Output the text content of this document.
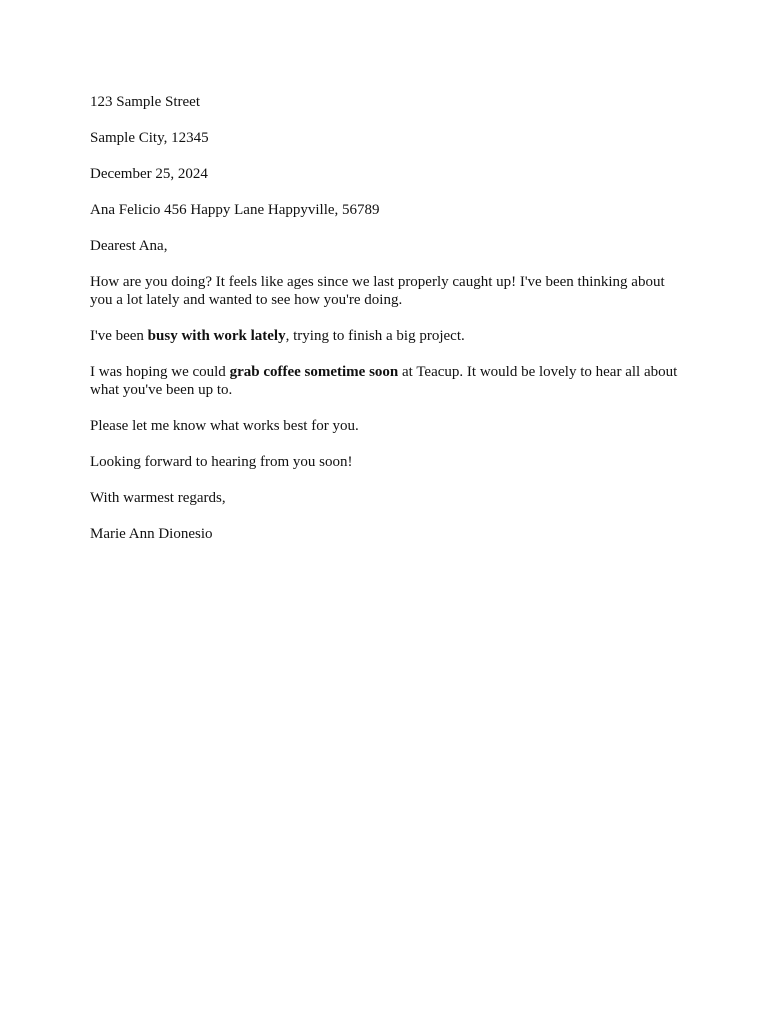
123 Sample Street

Sample City, 12345

December 25, 2024

Ana Felicio 456 Happy Lane Happyville, 56789

Dearest Ana,

How are you doing? It feels like ages since we last properly caught up! I've been thinking about you a lot lately and wanted to see how you're doing.

I've been busy with work lately, trying to finish a big project.

I was hoping we could grab coffee sometime soon at Teacup. It would be lovely to hear all about what you've been up to.

Please let me know what works best for you.

Looking forward to hearing from you soon!

With warmest regards,

Marie Ann Dionesio
